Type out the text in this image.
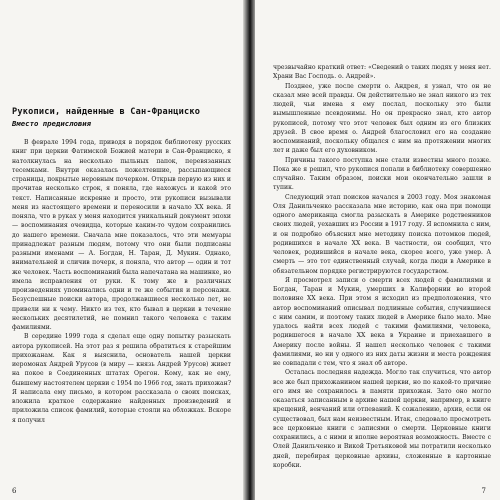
Рукописи, найденные в Сан-Франциско
Вместо предисловия

В феврале 1994 года, приводя в порядок библиотеку русских книг при церкви Фатимской Божией матери в Сан-Франциско, я натолкнулась на несколько пыльных папок, перевязанных тесемками. Внутри оказалась пожелтевшие, рассыпающиеся страницы, покрытые неровным почерком. Открыв первую из них и прочитав несколько строк, я поняла, где нахожусь и какой это текст. Написанные искренне и просто, эти рукописи вызывали меня из настоящего времени и переносили в начало XX века. Я поняла, что в руках у меня находится уникальный документ эпохи — воспоминания очевидца, которые каким-то чудом сохранились до нашего времени. Сначала мне показалось, что эти мемуары принадлежат разным людям, потому что они были подписаны разными именами — А. Богдан, Н. Таран, Д. Мукин. Однако, внимательней и сличив почерк, я поняла, что автор — один и тот же человек. Часть воспоминаний была напечатана на машинке, но имела исправления от руки. К тому же в различных произведениях упоминались одни и те же события и персонажи. Безуспешные поиски автора, продолжавшиеся несколько лет, не привели ни к чему. Никто из тех, кто бывал в церкви в течение нескольких десятилетий, не помнил такого человека с таким фамилиями.

В середине 1999 года я сделал еще одну попытку разыскать автора рукописей. На этот раз я решила обратиться к старейшим прихожанам. Как я выяснила, основатель нашей церкви иеромонах Андрей Урусов (в миру — князь Андрей Урусов) живет на покое в Соединенных штатах Орегон. Кому, как не ему, бывшему настоятелем церкви с 1954 по 1966 год, знать прихожан? Я написала ему письмо, в котором рассказала о своих поисках, вложила краткое содержание найденных произведений и приложила список фамилий, которые стояли на обложках. Вскоре я получил

6

чрезвычайно краткий ответ: «Сведений о таких людях у меня нет. Храни Вас Господь. о. Андрей».

Позднее, уже после смерти о. Андрея, я узнал, что он не сказал мне всей правды. Он действительно не знал никого из тех людей, чьи имена я ему послал, поскольку это были вымышленные псевдонимы. Но он прекрасно знал, кто автор рукописей, потому что этот человек был одним из его близких друзей. В свое время о. Андрей благословил его на создание воспоминаний, поскольку общался с ним на протяжении многих лет и даже был его духовником.

Причины такого поступка мне стали известны много позже. Пока же я решил, что рукопися попали в библиотеку совершенно случайно. Таким образом, поиски мои окончательно зашли в тупик.

Следующий этап поисков начался в 2003 году. Моя знакомая Оля Данильченко рассказала мне историю, как она при помощи одного американца смогла разыскать в Америке родственников своих людей, уехавших из России в 1917 году. Я вспомнила с ним, и он подробно объяснил мне методику поиска потомков людей, родившихся в начале ХХ века. В частности, он сообщил, что человек, родившийся в начале века, скорее всего, уже умер. А смерть — это тот единственный случай, когда люди в Америке в обязательном порядке регистрируются государством.

Я просмотрел записи о смерти всех людей с фамилиями и Богдан, Таран и Мукин, умерших в Калифорнии во второй половине ХХ века. При этом я исходил из предположения, что автор воспоминаний описывал подлинные события, случившиеся с ним самим, и поэтому таких людей в Америке было мало. Мне удалось найти всех людей с такими фамилиями, человека, родившегося в начале ХХ века в Украине и приехавшего в Америку после войны. Я нашел несколько человек с такими фамилиями, но ни у одного из них даты жизни и места рождения не совпадали с тем, что я знал об авторе.

Осталась последняя надежда. Могло так случиться, что автор все же был прихожанином нашей церкви, но по какой-то причине его имя не сохранилось в памяти прихожан. Зато оно могло оказаться записанным в архиве нашей церкви, например, в книге крещений, венчаний или отпеваний. К сожалению, архив, если он существовал, был нам неизвестным. Итак, следовало просмотреть все церковные книги с записями о смерти. Церковные книги сохранились, а с ними и вполне вероятная возможность. Вместе с Олей Данильченко и Викой Третьяковой мы потратили несколько дней, перебирая церковные архивы, сложенные в картонные коробки.

7
